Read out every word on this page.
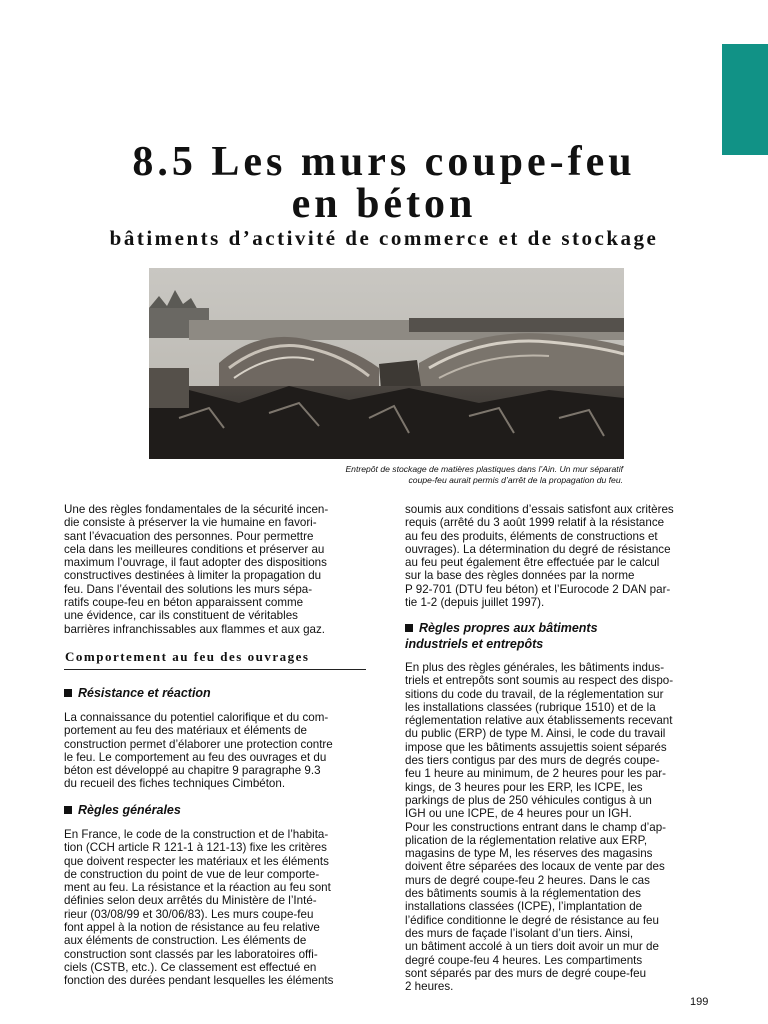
8.5 Les murs coupe-feu
en béton
bâtiments d’activité de commerce et de stockage
Entrepôt de stockage de matières plastiques dans l’Ain. Un mur séparatif
coupe-feu aurait permis d’arrêt de la propagation du feu.

Une des règles fondamentales de la sécurité incen-

die consiste à préserver la vie humaine en favori-

sant l’évacuation des personnes. Pour permettre

cela dans les meilleures conditions et préserver au

maximum l’ouvrage, il faut adopter des dispositions

constructives destinées à limiter la propagation du

feu. Dans l’éventail des solutions les murs sépa-

ratifs coupe-feu en béton apparaissent comme

une évidence, car ils constituent de véritables

barrières infranchissables aux flammes et aux gaz.

Comportement au feu des ouvrages
Résistance et réaction

La connaissance du potentiel calorifique et du com-

portement au feu des matériaux et éléments de

construction permet d’élaborer une protection contre

le feu. Le comportement au feu des ouvrages et du

béton est développé au chapitre 9 paragraphe 9.3

du recueil des fiches techniques Cimbéton.

Règles générales

En France, le code de la construction et de l’habita-

tion (CCH article R 121-1 à 121-13) fixe les critères

que doivent respecter les matériaux et les éléments

de construction du point de vue de leur comporte-

ment au feu. La résistance et la réaction au feu sont

définies selon deux arrêtés du Ministère de l’Inté-

rieur (03/08/99 et 30/06/83). Les murs coupe-feu

font appel à la notion de résistance au feu relative

aux éléments de construction. Les éléments de

construction sont classés par les laboratoires offi-

ciels (CSTB, etc.). Ce classement est effectué en

fonction des durées pendant lesquelles les éléments

soumis aux conditions d’essais satisfont aux critères

requis (arrêté du 3 août 1999 relatif à la résistance

au feu des produits, éléments de constructions et

ouvrages). La détermination du degré de résistance

au feu peut également être effectuée par le calcul

sur la base des règles données par la norme

P 92-701 (DTU feu béton) et l’Eurocode 2 DAN par-

tie 1-2 (depuis juillet 1997).

Règles propres aux bâtiments
industriels et entrepôts

En plus des règles générales, les bâtiments indus-

triels et entrepôts sont soumis au respect des dispo-

sitions du code du travail, de la réglementation sur

les installations classées (rubrique 1510) et de la

réglementation relative aux établissements recevant

du public (ERP) de type M. Ainsi, le code du travail

impose que les bâtiments assujettis soient séparés

des tiers contigus par des murs de degrés coupe-

feu 1 heure au minimum, de 2 heures pour les par-

kings, de 3 heures pour les ERP, les ICPE, les

parkings de plus de 250 véhicules contigus à un

IGH ou une ICPE, de 4 heures pour un IGH.

Pour les constructions entrant dans le champ d’ap-

plication de la réglementation relative aux ERP,

magasins de type M, les réserves des magasins

doivent être séparées des locaux de vente par des

murs de degré coupe-feu 2 heures. Dans le cas

des bâtiments soumis à la réglementation des

installations classées (ICPE), l’implantation de

l’édifice conditionne le degré de résistance au feu

des murs de façade l’isolant d’un tiers. Ainsi,

un bâtiment accolé à un tiers doit avoir un mur de

degré coupe-feu 4 heures. Les compartiments

sont séparés par des murs de degré coupe-feu

2 heures.

199
